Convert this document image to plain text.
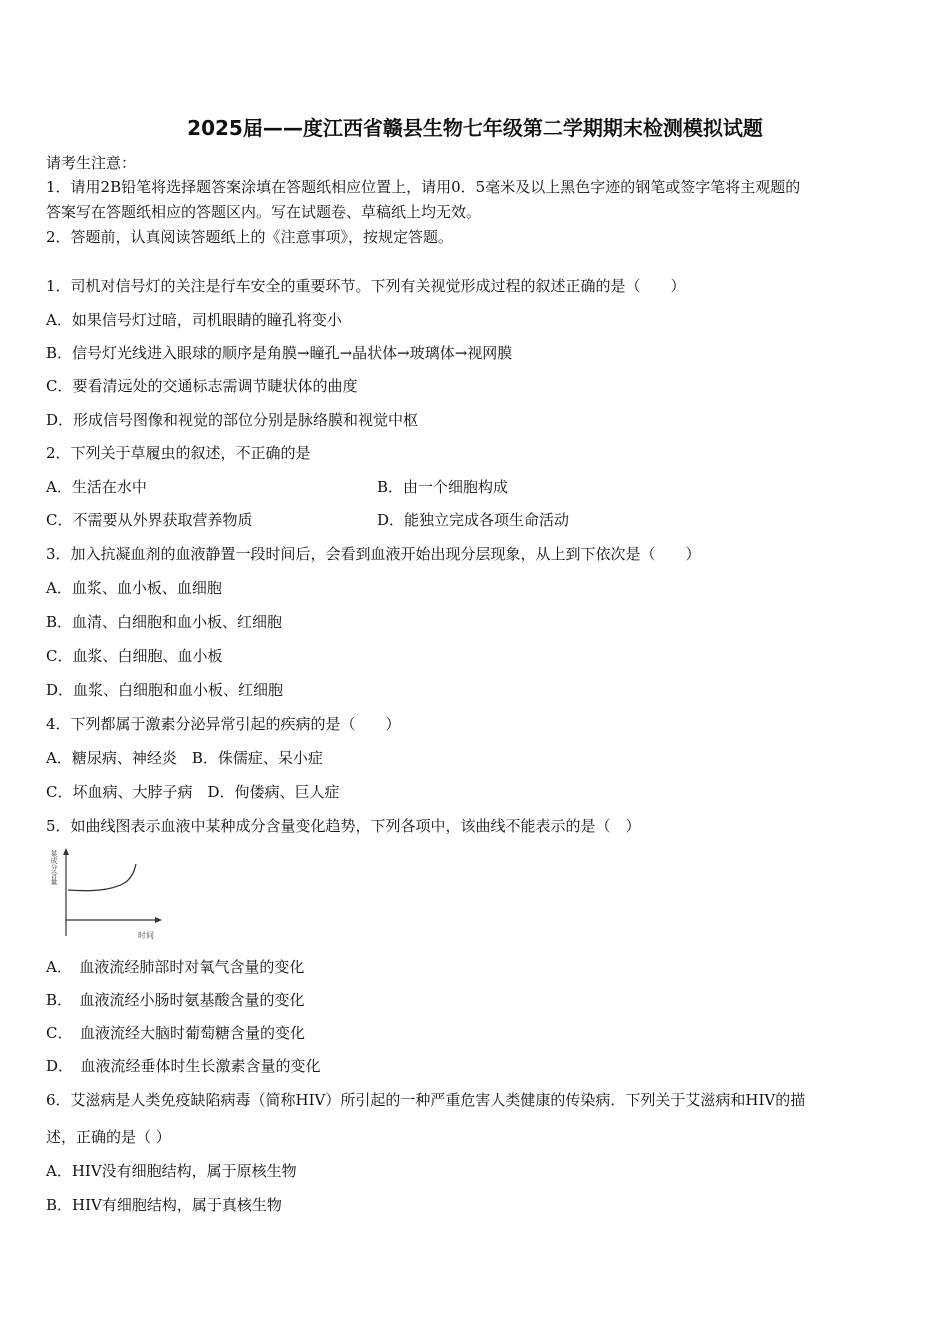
2025届——度江西省赣县生物七年级第二学期期末检测模拟试题
请考生注意：
1．请用2B铅笔将选择题答案涂填在答题纸相应位置上，请用0．5毫米及以上黑色字迹的钢笔或签字笔将主观题的
答案写在答题纸相应的答题区内。写在试题卷、草稿纸上均无效。
2．答题前，认真阅读答题纸上的《注意事项》，按规定答题。
1．司机对信号灯的关注是行车安全的重要环节。下列有关视觉形成过程的叙述正确的是（　　）
A．如果信号灯过暗，司机眼睛的瞳孔将变小
B．信号灯光线进入眼球的顺序是角膜→瞳孔→晶状体→玻璃体→视网膜
C．要看清远处的交通标志需调节睫状体的曲度
D．形成信号图像和视觉的部位分别是脉络膜和视觉中枢
2．下列关于草履虫的叙述，不正确的是
A．生活在水中	B．由一个细胞构成
C．不需要从外界获取营养物质	D．能独立完成各项生命活动
3．加入抗凝血剂的血液静置一段时间后，会看到血液开始出现分层现象，从上到下依次是（　　）
A．血浆、血小板、血细胞
B．血清、白细胞和血小板、红细胞
C．血浆、白细胞、血小板
D．血浆、白细胞和血小板、红细胞
4．下列都属于激素分泌异常引起的疾病的是（　　）
A．糖尿病、神经炎　B．侏儒症、呆小症
C．坏血病、大脖子病　D．佝偻病、巨人症
5．如曲线图表示血液中某种成分含量变化趋势，下列各项中，该曲线不能表示的是（　）
某成分含量
时间
A．　血液流经肺部时对氧气含量的变化
B．　血液流经小肠时氨基酸含量的变化
C．　血液流经大脑时葡萄糖含量的变化
D．　血液流经垂体时生长激素含量的变化
6．艾滋病是人类免疫缺陷病毒（简称HIV）所引起的一种严重危害人类健康的传染病．下列关于艾滋病和HIV的描
述，正确的是（ ）
A．HIV没有细胞结构，属于原核生物
B．HIV有细胞结构，属于真核生物
